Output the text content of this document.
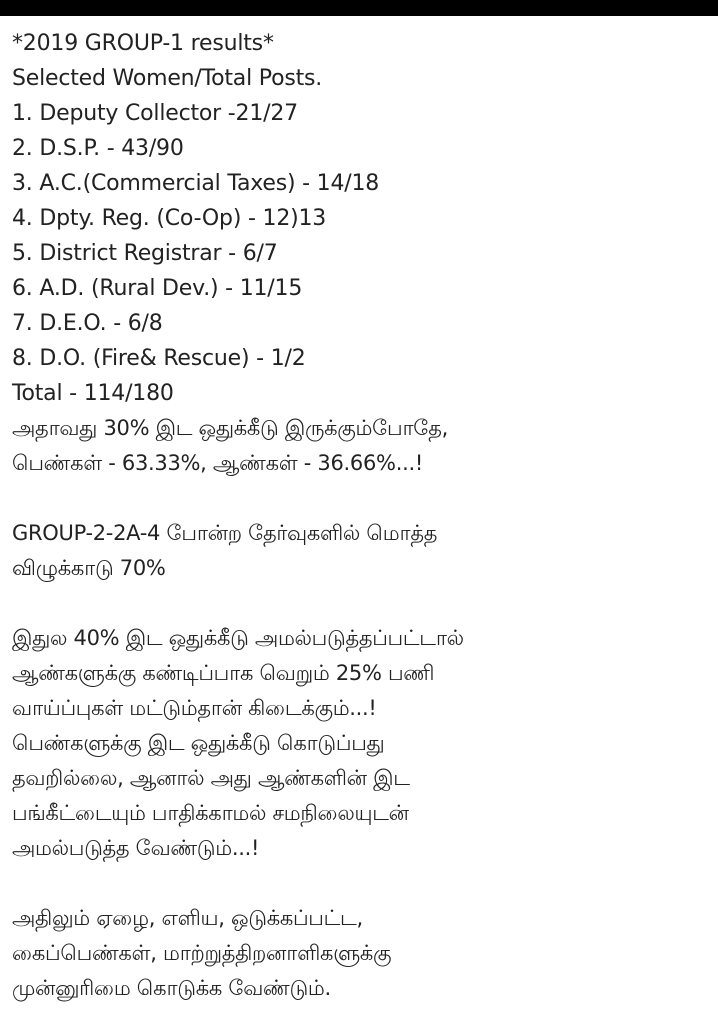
*2019 GROUP-1 results*
Selected Women/Total Posts.
1. Deputy Collector -21/27
2. D.S.P. - 43/90
3. A.C.(Commercial Taxes) - 14/18
4. Dpty. Reg. (Co-Op) - 12)13
5. District Registrar - 6/7
6. A.D. (Rural Dev.) - 11/15
7. D.E.O. - 6/8
8. D.O. (Fire& Rescue) - 1/2
Total - 114/180
அதாவது 30% இட ஒதுக்கீடு இருக்கும்போதே,
பெண்கள் - 63.33%, ஆண்கள் - 36.66%...!
GROUP-2-2A-4 போன்ற தேர்வுகளில் மொத்த
விழுக்காடு 70%
இதுல 40% இட ஒதுக்கீடு அமல்படுத்தப்பட்டால்
ஆண்களுக்கு கண்டிப்பாக வெறும் 25% பணி
வாய்ப்புகள் மட்டும்தான் கிடைக்கும்...!
பெண்களுக்கு இட ஒதுக்கீடு கொடுப்பது
தவறில்லை, ஆனால் அது ஆண்களின் இட
பங்கீட்டையும் பாதிக்காமல் சமநிலையுடன்
அமல்படுத்த வேண்டும்...!
அதிலும் ஏழை, எளிய, ஒடுக்கப்பட்ட,
கைப்பெண்கள், மாற்றுத்திறனாளிகளுக்கு
முன்னுரிமை கொடுக்க வேண்டும்.
